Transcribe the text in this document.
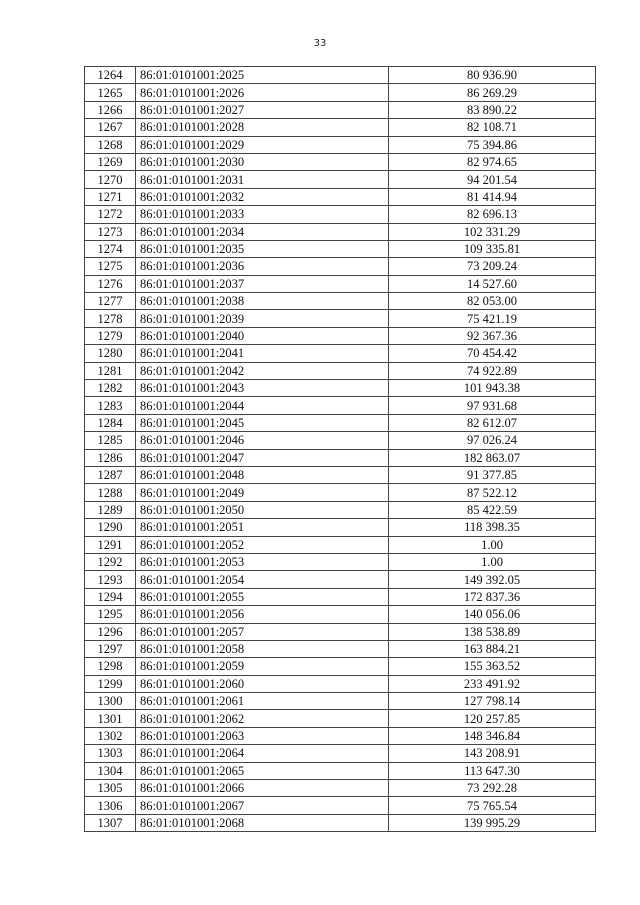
33
1264	86:01:0101001:2025	80 936.90
1265	86:01:0101001:2026	86 269.29
1266	86:01:0101001:2027	83 890.22
1267	86:01:0101001:2028	82 108.71
1268	86:01:0101001:2029	75 394.86
1269	86:01:0101001:2030	82 974.65
1270	86:01:0101001:2031	94 201.54
1271	86:01:0101001:2032	81 414.94
1272	86:01:0101001:2033	82 696.13
1273	86:01:0101001:2034	102 331.29
1274	86:01:0101001:2035	109 335.81
1275	86:01:0101001:2036	73 209.24
1276	86:01:0101001:2037	14 527.60
1277	86:01:0101001:2038	82 053.00
1278	86:01:0101001:2039	75 421.19
1279	86:01:0101001:2040	92 367.36
1280	86:01:0101001:2041	70 454.42
1281	86:01:0101001:2042	74 922.89
1282	86:01:0101001:2043	101 943.38
1283	86:01:0101001:2044	97 931.68
1284	86:01:0101001:2045	82 612.07
1285	86:01:0101001:2046	97 026.24
1286	86:01:0101001:2047	182 863.07
1287	86:01:0101001:2048	91 377.85
1288	86:01:0101001:2049	87 522.12
1289	86:01:0101001:2050	85 422.59
1290	86:01:0101001:2051	118 398.35
1291	86:01:0101001:2052	1.00
1292	86:01:0101001:2053	1.00
1293	86:01:0101001:2054	149 392.05
1294	86:01:0101001:2055	172 837.36
1295	86:01:0101001:2056	140 056.06
1296	86:01:0101001:2057	138 538.89
1297	86:01:0101001:2058	163 884.21
1298	86:01:0101001:2059	155 363.52
1299	86:01:0101001:2060	233 491.92
1300	86:01:0101001:2061	127 798.14
1301	86:01:0101001:2062	120 257.85
1302	86:01:0101001:2063	148 346.84
1303	86:01:0101001:2064	143 208.91
1304	86:01:0101001:2065	113 647.30
1305	86:01:0101001:2066	73 292.28
1306	86:01:0101001:2067	75 765.54
1307	86:01:0101001:2068	139 995.29
